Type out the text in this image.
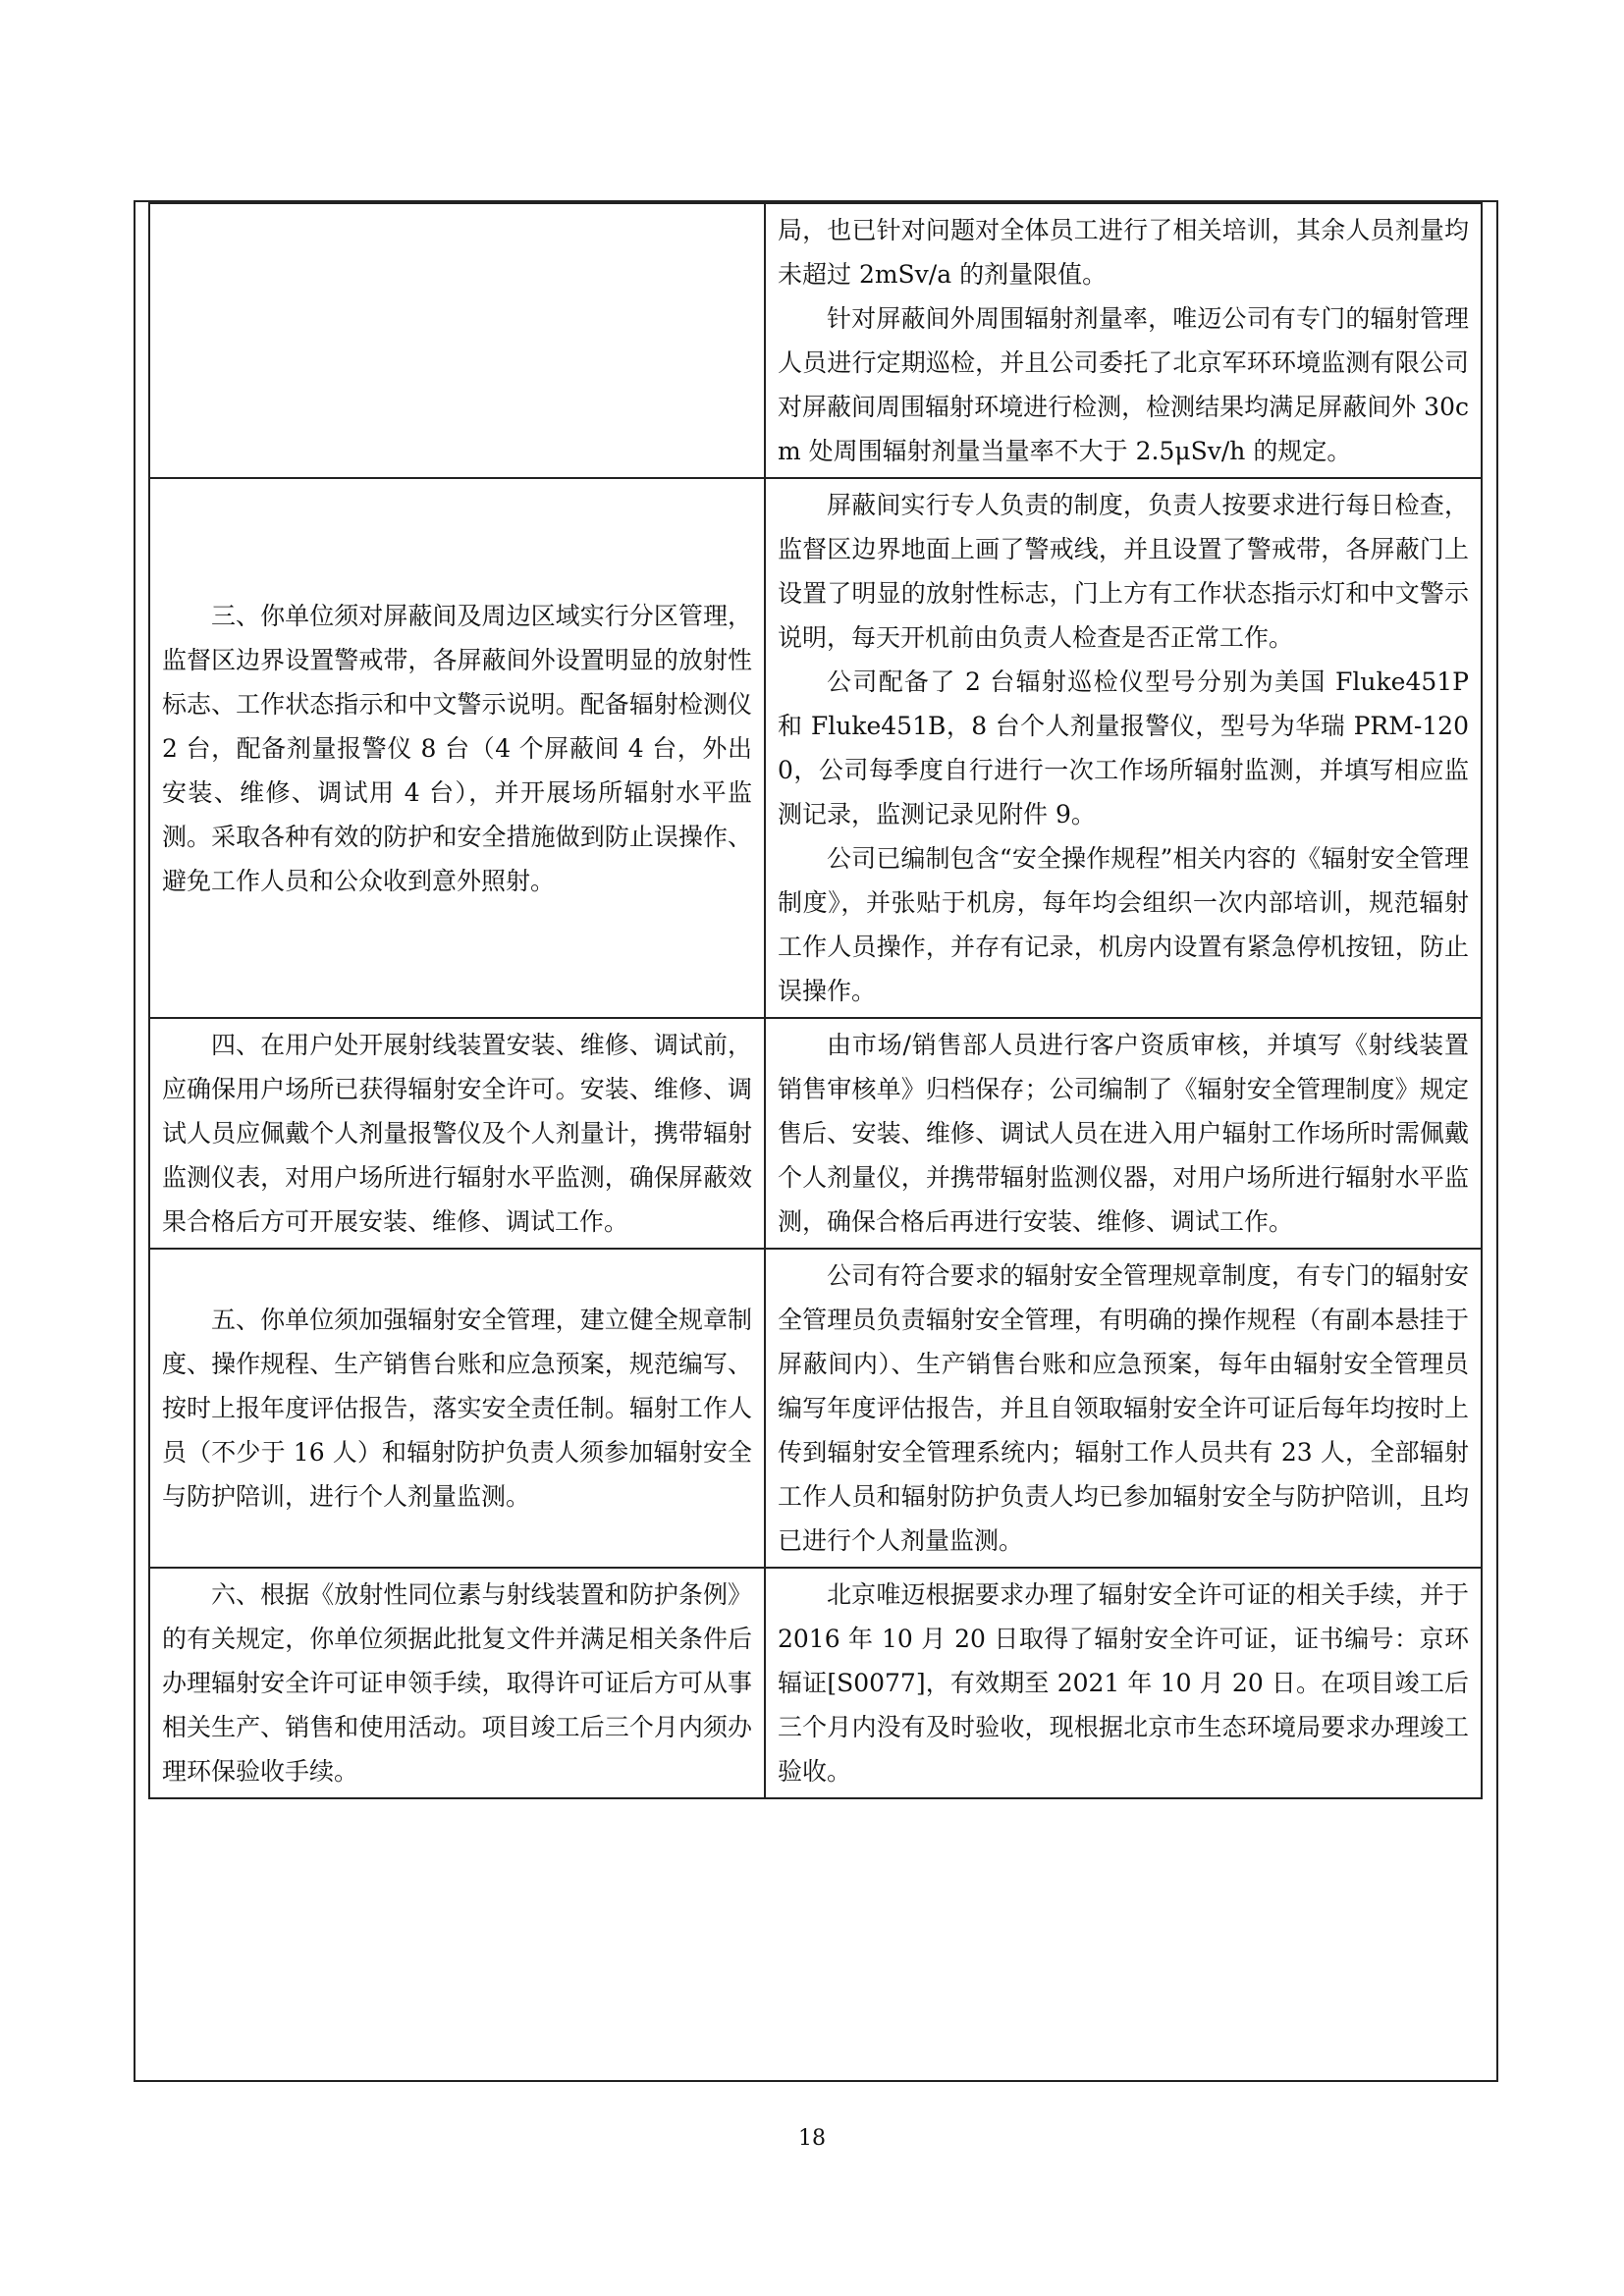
	局，也已针对问题对全体员工进行了相关培训，其余人员剂量均未超过 2mSv/a 的剂量限值。

针对屏蔽间外周围辐射剂量率，唯迈公司有专门的辐射管理人员进行定期巡检，并且公司委托了北京军环环境监测有限公司对屏蔽间周围辐射环境进行检测，检测结果均满足屏蔽间外 30cm 处周围辐射剂量当量率不大于 2.5μSv/h 的规定。

三、你单位须对屏蔽间及周边区域实行分区管理，监督区边界设置警戒带，各屏蔽间外设置明显的放射性标志、工作状态指示和中文警示说明。配备辐射检测仪 2 台，配备剂量报警仪 8 台（4 个屏蔽间 4 台，外出安装、维修、调试用 4 台），并开展场所辐射水平监测。采取各种有效的防护和安全措施做到防止误操作、避免工作人员和公众收到意外照射。	屏蔽间实行专人负责的制度，负责人按要求进行每日检查，监督区边界地面上画了警戒线，并且设置了警戒带，各屏蔽门上设置了明显的放射性标志，门上方有工作状态指示灯和中文警示说明，每天开机前由负责人检查是否正常工作。

公司配备了 2 台辐射巡检仪型号分别为美国 Fluke451P 和 Fluke451B，8 台个人剂量报警仪，型号为华瑞 PRM-1200，公司每季度自行进行一次工作场所辐射监测，并填写相应监测记录，监测记录见附件 9。

公司已编制包含“安全操作规程”相关内容的《辐射安全管理制度》，并张贴于机房，每年均会组织一次内部培训，规范辐射工作人员操作，并存有记录，机房内设置有紧急停机按钮，防止误操作。

四、在用户处开展射线装置安装、维修、调试前，应确保用户场所已获得辐射安全许可。安装、维修、调试人员应佩戴个人剂量报警仪及个人剂量计，携带辐射监测仪表，对用户场所进行辐射水平监测，确保屏蔽效果合格后方可开展安装、维修、调试工作。	由市场/销售部人员进行客户资质审核，并填写《射线装置销售审核单》归档保存；公司编制了《辐射安全管理制度》规定售后、安装、维修、调试人员在进入用户辐射工作场所时需佩戴个人剂量仪，并携带辐射监测仪器，对用户场所进行辐射水平监测，确保合格后再进行安装、维修、调试工作。

五、你单位须加强辐射安全管理，建立健全规章制度、操作规程、生产销售台账和应急预案，规范编写、按时上报年度评估报告，落实安全责任制。辐射工作人员（不少于 16 人）和辐射防护负责人须参加辐射安全与防护陪训，进行个人剂量监测。	公司有符合要求的辐射安全管理规章制度，有专门的辐射安全管理员负责辐射安全管理，有明确的操作规程（有副本悬挂于屏蔽间内）、生产销售台账和应急预案，每年由辐射安全管理员编写年度评估报告，并且自领取辐射安全许可证后每年均按时上传到辐射安全管理系统内；辐射工作人员共有 23 人，全部辐射工作人员和辐射防护负责人均已参加辐射安全与防护陪训，且均已进行个人剂量监测。

六、根据《放射性同位素与射线装置和防护条例》的有关规定，你单位须据此批复文件并满足相关条件后办理辐射安全许可证申领手续，取得许可证后方可从事相关生产、销售和使用活动。项目竣工后三个月内须办理环保验收手续。	北京唯迈根据要求办理了辐射安全许可证的相关手续，并于 2016 年 10 月 20 日取得了辐射安全许可证，证书编号：京环辐证[S0077]，有效期至 2021 年 10 月 20 日。在项目竣工后三个月内没有及时验收，现根据北京市生态环境局要求办理竣工验收。

18
